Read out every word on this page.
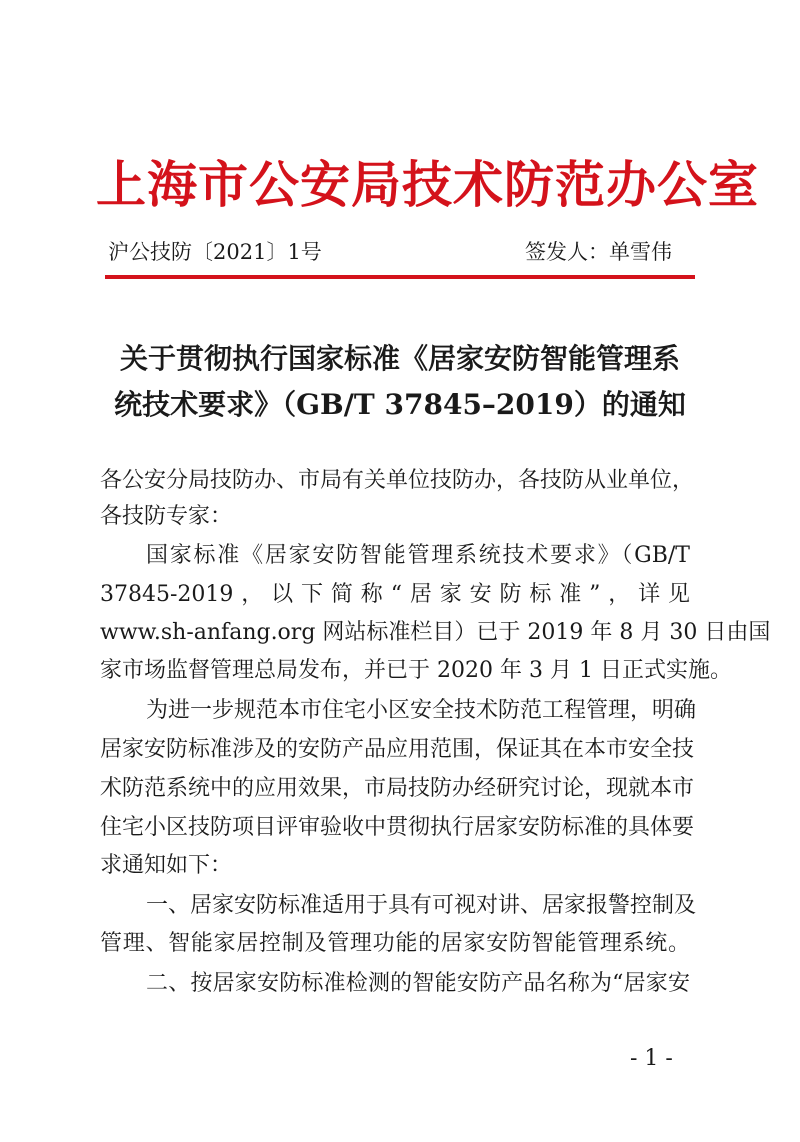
上海市公安局技术防范办公室
沪公技防〔2021〕1号	签发人：单雪伟
关于贯彻执行国家标准《居家安防智能管理系
统技术要求》（GB/T 37845–2019）的通知
各公安分局技防办、市局有关单位技防办，各技防从业单位，
各技防专家：
国家标准《居家安防智能管理系统技术要求》（GB/T
37845-2019，以下简称“居家安防标准”，详见
www.sh-anfang.org 网站标准栏目）已于 2019 年 8 月 30 日由国
家市场监督管理总局发布，并已于 2020 年 3 月 1 日正式实施。
为进一步规范本市住宅小区安全技术防范工程管理，明确
居家安防标准涉及的安防产品应用范围，保证其在本市安全技
术防范系统中的应用效果，市局技防办经研究讨论，现就本市
住宅小区技防项目评审验收中贯彻执行居家安防标准的具体要
求通知如下：
一、居家安防标准适用于具有可视对讲、居家报警控制及
管理、智能家居控制及管理功能的居家安防智能管理系统。
二、按居家安防标准检测的智能安防产品名称为“居家安
- 1 -
